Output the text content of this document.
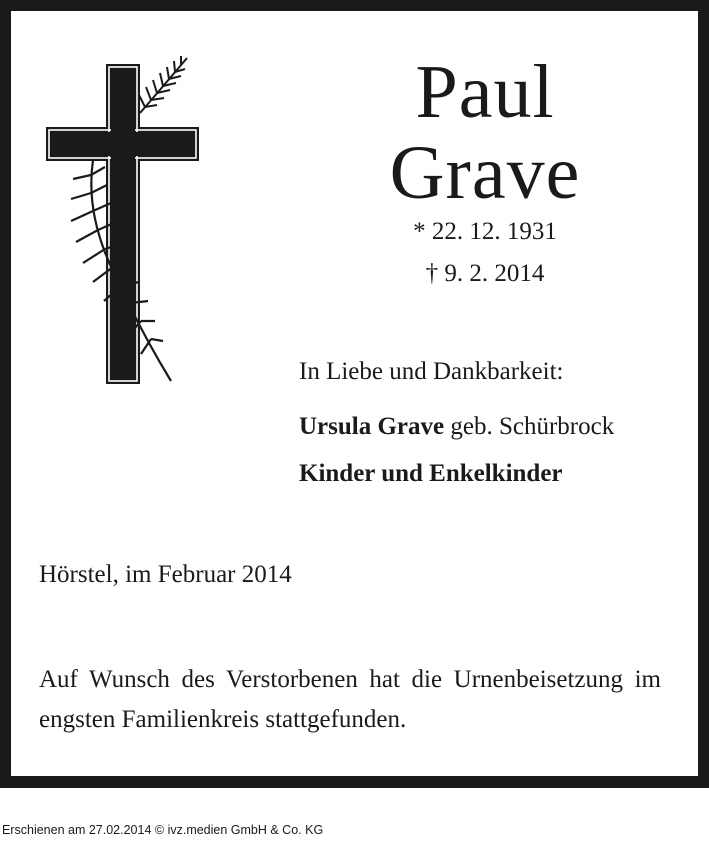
Paul
Grave
* 22. 12. 1931
† 9. 2. 2014
In Liebe und Dankbarkeit:
Ursula Grave geb. Schürbrock
Kinder und Enkelkinder
Hörstel, im Februar 2014
Auf Wunsch des Verstorbenen hat die Urnenbeisetzung im engsten Familienkreis stattgefunden.
Erschienen am 27.02.2014 © ivz.medien GmbH & Co. KG
